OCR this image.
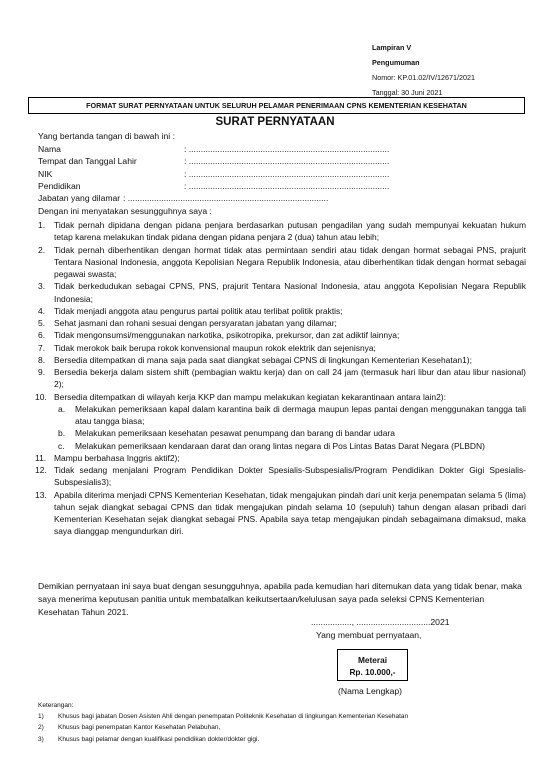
Lampiran V
Pengumuman
Nomor: KP.01.02/IV/12671/2021
Tanggal: 30 Juni 2021
FORMAT SURAT PERNYATAAN UNTUK SELURUH PELAMAR PENERIMAAN CPNS KEMENTERIAN KESEHATAN
SURAT PERNYATAAN
Yang bertanda tangan di bawah ini :
Nama	: ....................................................................................
Tempat dan Tanggal Lahir	: ....................................................................................
NIK	: ....................................................................................
Pendidikan	: ....................................................................................
Jabatan yang dilamar : ....................................................................................
Dengan ini menyatakan sesungguhnya saya :
1. Tidak pernah dipidana dengan pidana penjara berdasarkan putusan pengadilan yang sudah mempunyai kekuatan hukum tetap karena melakukan tindak pidana dengan pidana penjara 2 (dua) tahun atau lebih;
2. Tidak pernah diberhentikan dengan hormat tidak atas permintaan sendiri atau tidak dengan hormat sebagai PNS, prajurit Tentara Nasional Indonesia, anggota Kepolisian Negara Republik Indonesia, atau diberhentikan tidak dengan hormat sebagai pegawai swasta;
3. Tidak berkedudukan sebagai CPNS, PNS, prajurit Tentara Nasional Indonesia, atau anggota Kepolisian Negara Republik Indonesia;
4. Tidak menjadi anggota atau pengurus partai politik atau terlibat politik praktis;
5. Sehat jasmani dan rohani sesuai dengan persyaratan jabatan yang dilamar;
6. Tidak mengonsumsi/menggunakan narkotika, psikotropika, prekursor, dan zat adiktif lainnya;
7. Tidak merokok baik berupa rokok konvensional maupun rokok elektrik dan sejenisnya;
8. Bersedia ditempatkan di mana saja pada saat diangkat sebagai CPNS di lingkungan Kementerian Kesehatan1);
9. Bersedia bekerja dalam sistem shift (pembagian waktu kerja) dan on call 24 jam (termasuk hari libur dan atau libur nasional) 2);
10. Bersedia ditempatkan di wilayah kerja KKP dan mampu melakukan kegiatan kekarantinaan antara lain2):
a. Melakukan pemeriksaan kapal dalam karantina baik di dermaga maupun lepas pantai dengan menggunakan tangga tali atau tangga biasa;
b. Melakukan pemeriksaan kesehatan pesawat penumpang dan barang di bandar udara
c. Melakukan pemeriksaan kendaraan darat dan orang lintas negara di Pos Lintas Batas Darat Negara (PLBDN)
11. Mampu berbahasa Inggris aktif2);
12. Tidak sedang menjalani Program Pendidikan Dokter Spesialis-Subspesialis/Program Pendidikan Dokter Gigi Spesialis-Subspesialis3);
13. Apabila diterima menjadi CPNS Kementerian Kesehatan, tidak mengajukan pindah dari unit kerja penempatan selama 5 (lima) tahun sejak diangkat sebagai CPNS dan tidak mengajukan pindah selama 10 (sepuluh) tahun dengan alasan pribadi dari Kementerian Kesehatan sejak diangkat sebagai PNS. Apabila saya tetap mengajukan pindah sebagaimana dimaksud, maka saya dianggap mengundurkan diri.
Demikian pernyataan ini saya buat dengan sesungguhnya, apabila pada kemudian hari ditemukan data yang tidak benar, maka saya menerima keputusan panitia untuk membatalkan keikutsertaan/kelulusan saya pada seleksi CPNS Kementerian Kesehatan Tahun 2021.
................., ...............................2021
Yang membuat pernyataan,
Meterai
Rp. 10.000,-
(Nama Lengkap)
Keterangan:
1) Khusus bagi jabatan Dosen Asisten Ahli dengan penempatan Politeknik Kesehatan di lingkungan Kementerian Kesehatan
2) Khusus bagi penempatan Kantor Kesehatan Pelabuhan,
3) Khusus bagi pelamar dengan kualifikasi pendidikan dokter/dokter gigi.
